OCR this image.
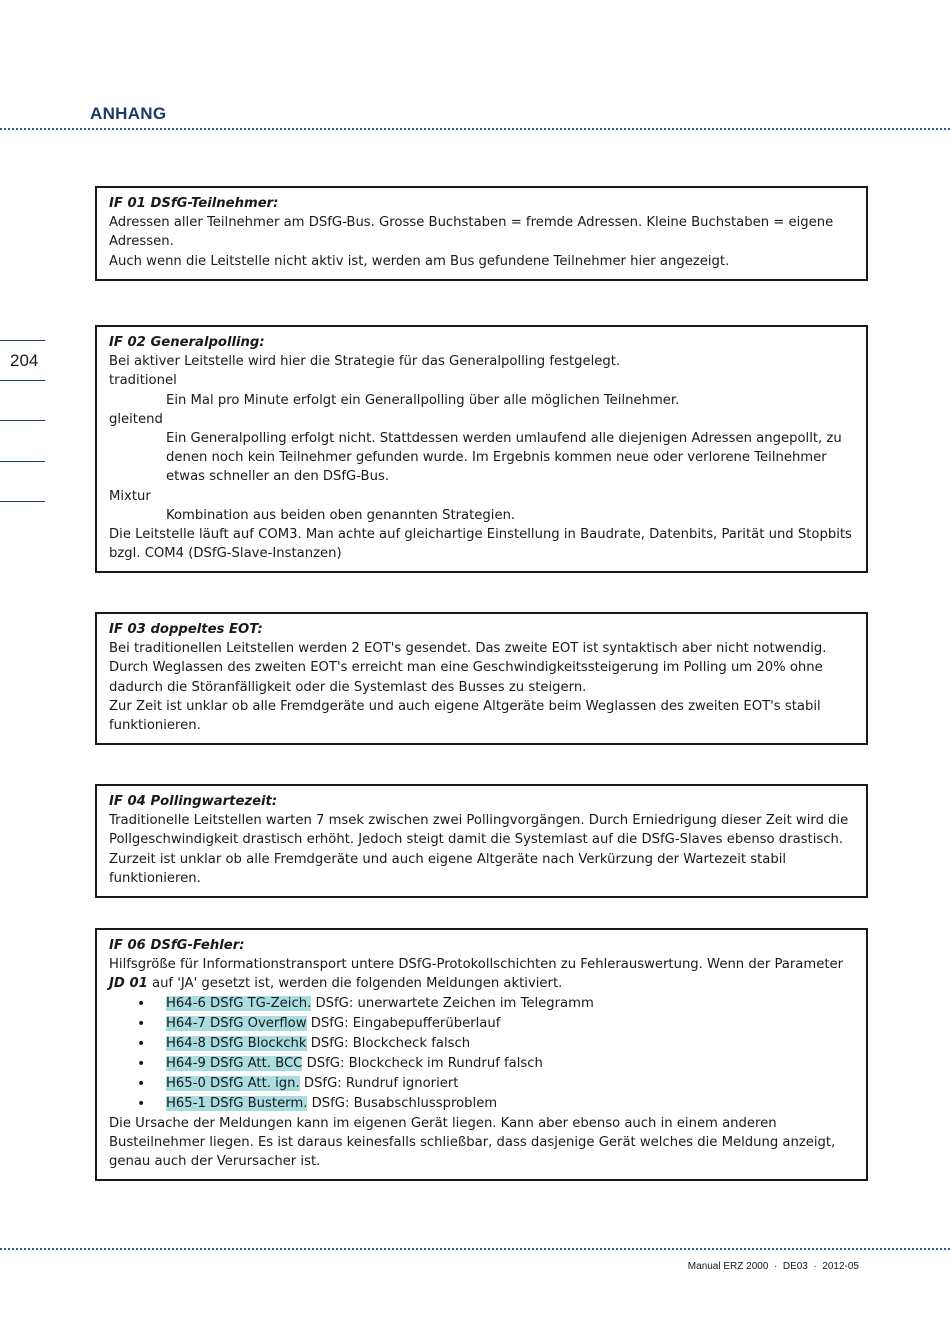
ANHANG
204

IF 01 DSfG-Teilnehmer:

Adressen aller Teilnehmer am DSfG-Bus. Grosse Buchstaben = fremde Adressen. Kleine Buchstaben = eigene Adressen.

Auch wenn die Leitstelle nicht aktiv ist, werden am Bus gefundene Teilnehmer hier angezeigt.

IF 02 Generalpolling:

Bei aktiver Leitstelle wird hier die Strategie für das Generalpolling festgelegt.

traditionel

Ein Mal pro Minute erfolgt ein Generallpolling über alle möglichen Teilnehmer.

gleitend

Ein Generalpolling erfolgt nicht. Stattdessen werden umlaufend alle diejenigen Adressen angepollt, zu denen noch kein Teilnehmer gefunden wurde. Im Ergebnis kommen neue oder verlorene Teilnehmer etwas schneller an den DSfG-Bus.

Mixtur

Kombination aus beiden oben genannten Strategien.

Die Leitstelle läuft auf COM3. Man achte auf gleichartige Einstellung in Baudrate, Datenbits, Parität und Stopbits bzgl. COM4 (DSfG-Slave-Instanzen)

IF 03 doppeltes EOT:

Bei traditionellen Leitstellen werden 2 EOT's gesendet. Das zweite EOT ist syntaktisch aber nicht notwendig. Durch Weglassen des zweiten EOT's erreicht man eine Geschwindigkeitssteigerung im Polling um 20% ohne dadurch die Störanfälligkeit oder die Systemlast des Busses zu steigern.

Zur Zeit ist unklar ob alle Fremdgeräte und auch eigene Altgeräte beim Weglassen des zweiten EOT's stabil funktionieren.

IF 04 Pollingwartezeit:

Traditionelle Leitstellen warten 7 msek zwischen zwei Pollingvorgängen. Durch Erniedrigung dieser Zeit wird die Pollgeschwindigkeit drastisch erhöht. Jedoch steigt damit die Systemlast auf die DSfG-Slaves ebenso drastisch.

Zurzeit ist unklar ob alle Fremdgeräte und auch eigene Altgeräte nach Verkürzung der Wartezeit stabil funktionieren.

IF 06 DSfG-Fehler:

Hilfsgröße für Informationstransport untere DSfG-Protokollschichten zu Fehlerauswertung. Wenn der Parameter JD 01 auf 'JA' gesetzt ist, werden die folgenden Meldungen aktiviert.

• H64-6 DSfG TG-Zeich. DSfG: unerwartete Zeichen im Telegramm
• H64-7 DSfG Overflow DSfG: Eingabepufferüberlauf
• H64-8 DSfG Blockchk DSfG: Blockcheck falsch
• H64-9 DSfG Att. BCC DSfG: Blockcheck im Rundruf falsch
• H65-0 DSfG Att. ign. DSfG: Rundruf ignoriert
• H65-1 DSfG Busterm. DSfG: Busabschlussproblem

Die Ursache der Meldungen kann im eigenen Gerät liegen. Kann aber ebenso auch in einem anderen Busteilnehmer liegen. Es ist daraus keinesfalls schließbar, dass dasjenige Gerät welches die Meldung anzeigt, genau auch der Verursacher ist.

Manual ERZ 2000  ·  DE03  ·  2012-05
